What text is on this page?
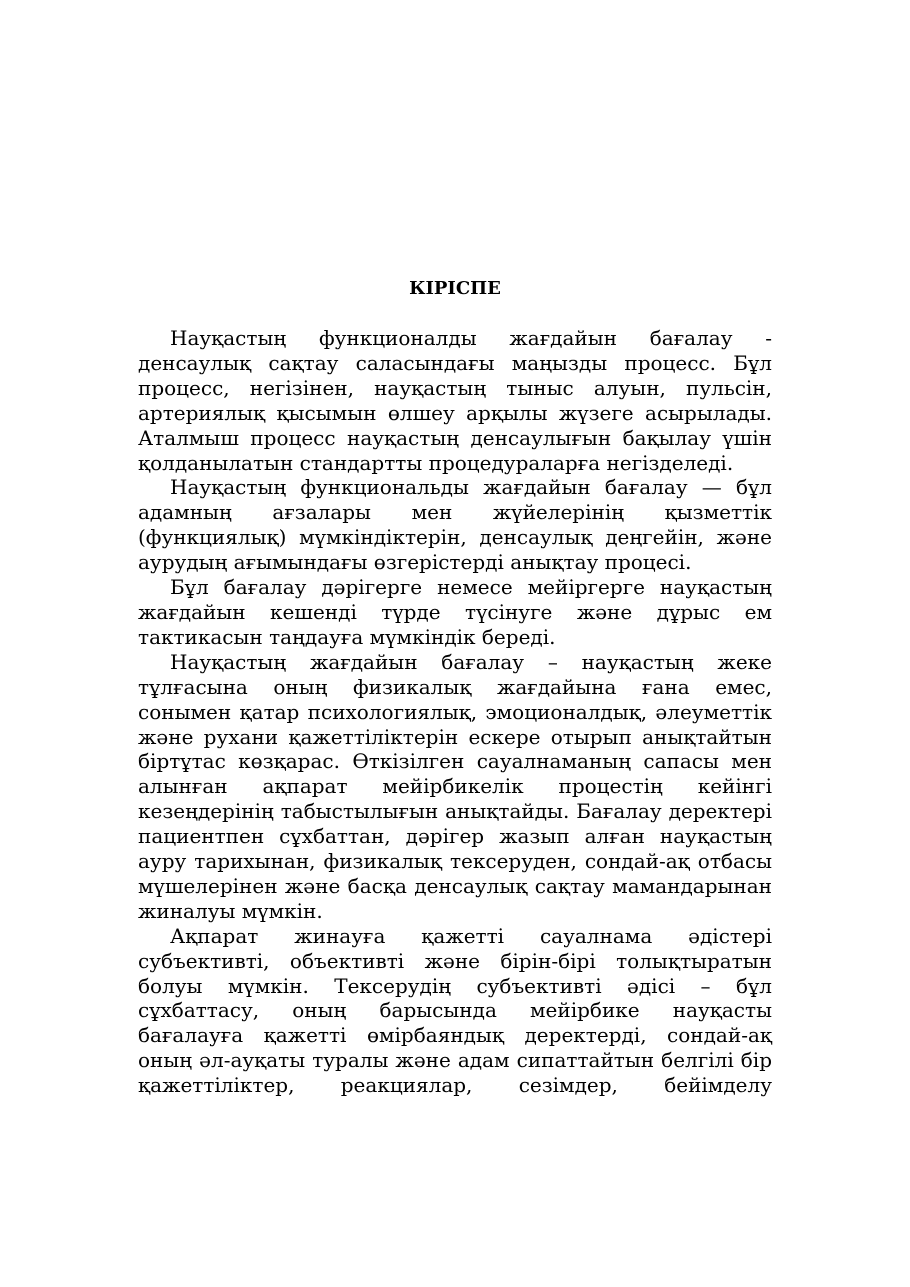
КІРІСПЕ

Науқастың функционалды жағдайын бағалау - денсаулық сақтау саласындағы маңызды процесс. Бұл процесс, негізінен, науқастың тыныс алуын, пульсін, артериялық қысымын өлшеу арқылы жүзеге асырылады. Аталмыш процесс науқастың денсаулығын бақылау үшін қолданылатын стандартты процедураларға негізделеді.

Науқастың функциональды жағдайын бағалау — бұл адамның ағзалары мен жүйелерінің қызметтік (функциялық) мүмкіндіктерін, денсаулық деңгейін, және аурудың ағымындағы өзгерістерді анықтау процесі.

Бұл бағалау дәрігерге немесе мейіргерге науқастың жағдайын кешенді түрде түсінуге және дұрыс ем тактикасын таңдауға мүмкіндік береді.

Науқастың жағдайын бағалау – науқастың жеке тұлғасына оның физикалық жағдайына ғана емес, сонымен қатар психологиялық, эмоционалдық, әлеуметтік және рухани қажеттіліктерін ескере отырып анықтайтын біртұтас көзқарас. Өткізілген сауалнаманың сапасы мен алынған ақпарат мейірбикелік процестің кейінгі кезеңдерінің табыстылығын анықтайды. Бағалау деректері пациентпен сұхбаттан, дәрігер жазып алған науқастың ауру тарихынан, физикалық тексеруден, сондай-ақ отбасы мүшелерінен және басқа денсаулық сақтау мамандарынан жиналуы мүмкін.

Ақпарат жинауға қажетті сауалнама әдістері субъективті, объективті және бірін-бірі толықтыратын болуы мүмкін. Тексерудің субъективті әдісі – бұл сұхбаттасу, оның барысында мейірбике науқасты бағалауға қажетті өмірбаяндық деректерді, сондай-ақ оның әл-ауқаты туралы және адам сипаттайтын белгілі бір қажеттіліктер, реакциялар, сезімдер, бейімделу
